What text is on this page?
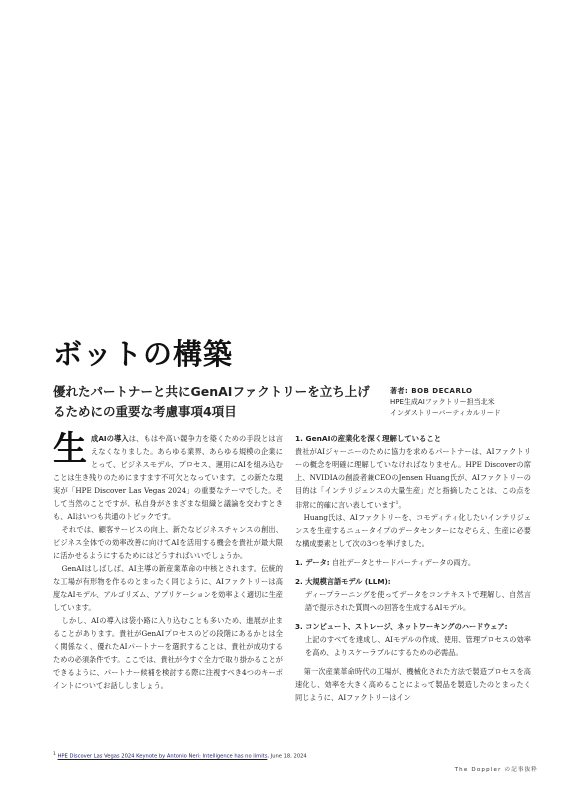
ボットの構築
優れたパートナーと共にGenAIファクトリーを立ち上げるためにの重要な考慮事項4項目
著者: BOB DECARLO
HPE生成AIファクトリー担当北米
インダストリーバーティカルリード

生成AIの導入は、もはや高い競争力を築くための手段とは言えなくなりました。あらゆる業界、あらゆる規模の企業にとって、ビジネスモデル、プロセス、運用にAIを組み込むことは生き残りのためにますます不可欠となっています。この新たな現実が「HPE Discover Las Vegas 2024」の重要なテーマでした。そして当然のことですが、私自身がさまざまな組織と議論を交わすときも、AIはいつも共通のトピックです。

それでは、顧客サービスの向上、新たなビジネスチャンスの創出、ビジネス全体での効率改善に向けてAIを活用する機会を貴社が最大限に活かせるようにするためにはどうすればいいでしょうか。

GenAIはしばしば、AI主導の新産業革命の中核とされます。伝統的な工場が有形物を作るのとまったく同じように、AIファクトリーは高度なAIモデル、アルゴリズム、アプリケーションを効率よく適切に生産しています。

しかし、AIの導入は袋小路に入り込むことも多いため、進展が止まることがあります。貴社がGenAIプロセスのどの段階にあるかとは全く関係なく、優れたAIパートナーを選択することは、貴社が成功するための必須条件です。ここでは、貴社が今すぐ全力で取り掛かることができるように、パートナー候補を検討する際に注視すべき4つのキーポイントについてお話ししましょう。

1. GenAIの産業化を深く理解していること

貴社がAIジャーニーのために協力を求めるパートナーは、AIファクトリーの概念を明確に理解していなければなりません。HPE Discoverの席上、NVIDIAの創設者兼CEOのJensen Huang氏が、AIファクトリーの目的は「インテリジェンスの大量生産」だと指摘したことは、この点を非常に的確に言い表しています$^1$。

Huang氏は、AIファクトリーを、コモディティ化したいインテリジェンスを生産するニュータイプのデータセンターになぞらえ、生産に必要な構成要素として次の3つを挙げました。

1. データ: 自社データとサードパーティデータの両方。
2. 大規模言語モデル (LLM):
ディープラーニングを使ってデータをコンテキストで理解し、自然言語で提示された質問への回答を生成するAIモデル。
3. コンピュート、ストレージ、ネットワーキングのハードウェア:
上記のすべてを達成し、AIモデルの作成、使用、管理プロセスの効率を高め、よりスケーラブルにするための必需品。

第一次産業革命時代の工場が、機械化された方法で製造プロセスを高速化し、効率を大きく高めることによって製品を製造したのとまったく同じように、AIファクトリーはイン

$^1$ HPE Discover Las Vegas 2024 Keynote by Antonio Neri: Intelligence has no limits, June 18, 2024
The Doppler の記事抜粋
